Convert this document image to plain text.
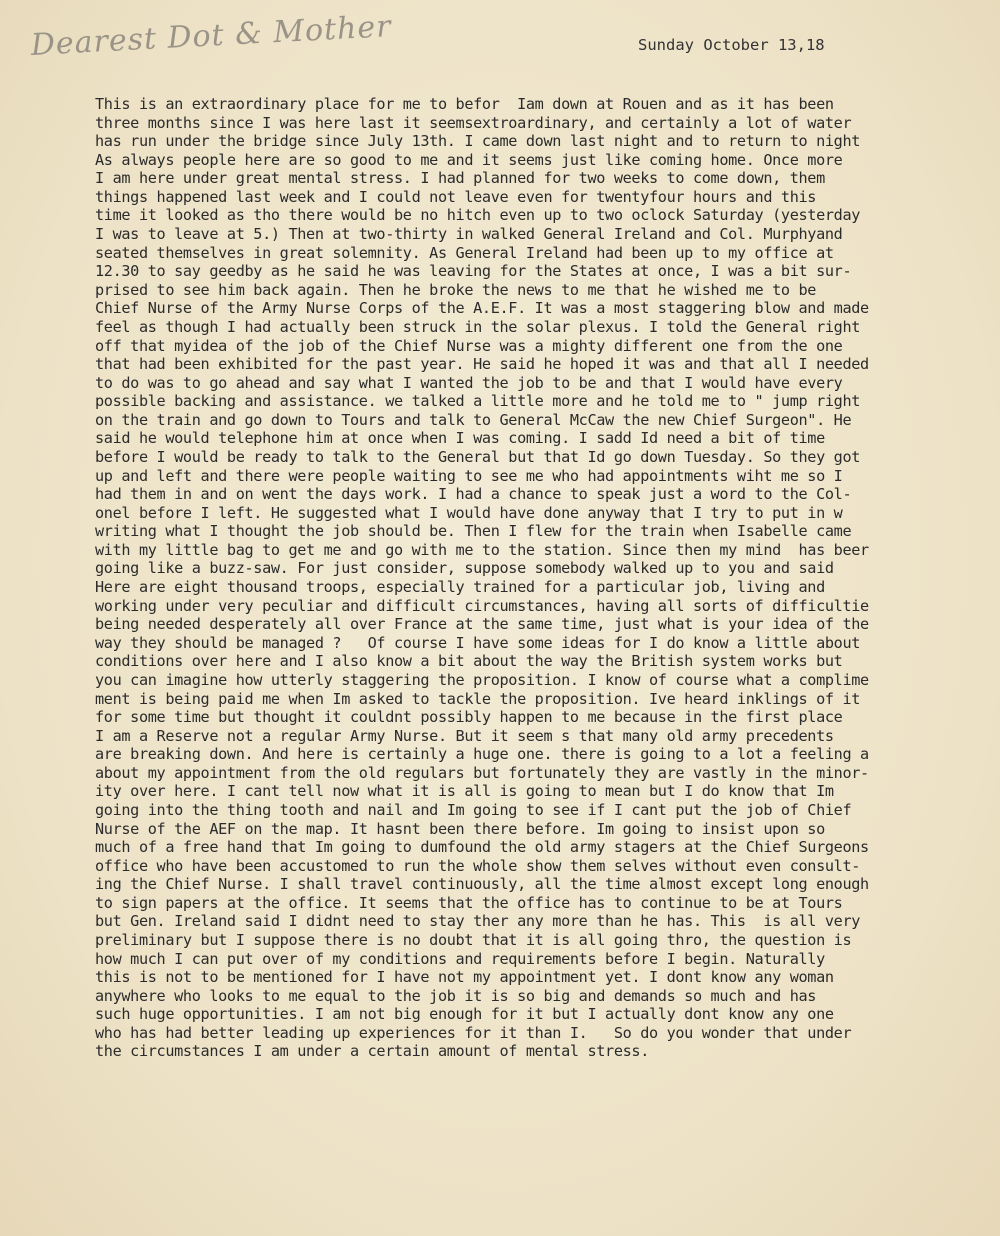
Dearest Dot & Mother	Sunday October 13,18
This is an extraordinary place for me to befor  Iam down at Rouen and as it has been
three months since I was here last it seemsextroardinary, and certainly a lot of water
has run under the bridge since July 13th. I came down last night and to return to night
As always people here are so good to me and it seems just like coming home. Once more
I am here under great mental stress. I had planned for two weeks to come down, them
things happened last week and I could not leave even for twentyfour hours and this
time it looked as tho there would be no hitch even up to two oclock Saturday (yesterday
I was to leave at 5.) Then at two-thirty in walked General Ireland and Col. Murphyand
seated themselves in great solemnity. As General Ireland had been up to my office at
12.30 to say geedby as he said he was leaving for the States at once, I was a bit sur-
prised to see him back again. Then he broke the news to me that he wished me to be
Chief Nurse of the Army Nurse Corps of the A.E.F. It was a most staggering blow and made
feel as though I had actually been struck in the solar plexus. I told the General right
off that myidea of the job of the Chief Nurse was a mighty different one from the one
that had been exhibited for the past year. He said he hoped it was and that all I needed
to do was to go ahead and say what I wanted the job to be and that I would have every
possible backing and assistance. we talked a little more and he told me to " jump right
on the train and go down to Tours and talk to General McCaw the new Chief Surgeon". He
said he would telephone him at once when I was coming. I sadd Id need a bit of time
before I would be ready to talk to the General but that Id go down Tuesday. So they got
up and left and there were people waiting to see me who had appointments wiht me so I
had them in and on went the days work. I had a chance to speak just a word to the Col-
onel before I left. He suggested what I would have done anyway that I try to put in w
writing what I thought the job should be. Then I flew for the train when Isabelle came
with my little bag to get me and go with me to the station. Since then my mind  has beer
going like a buzz-saw. For just consider, suppose somebody walked up to you and said
Here are eight thousand troops, especially trained for a particular job, living and
working under very peculiar and difficult circumstances, having all sorts of difficultie
being needed desperately all over France at the same time, just what is your idea of the
way they should be managed ?   Of course I have some ideas for I do know a little about
conditions over here and I also know a bit about the way the British system works but
you can imagine how utterly staggering the proposition. I know of course what a complime
ment is being paid me when Im asked to tackle the proposition. Ive heard inklings of it
for some time but thought it couldnt possibly happen to me because in the first place
I am a Reserve not a regular Army Nurse. But it seem s that many old army precedents
are breaking down. And here is certainly a huge one. there is going to a lot a feeling a
about my appointment from the old regulars but fortunately they are vastly in the minor-
ity over here. I cant tell now what it is all is going to mean but I do know that Im
going into the thing tooth and nail and Im going to see if I cant put the job of Chief
Nurse of the AEF on the map. It hasnt been there before. Im going to insist upon so
much of a free hand that Im going to dumfound the old army stagers at the Chief Surgeons
office who have been accustomed to run the whole show them selves without even consult-
ing the Chief Nurse. I shall travel continuously, all the time almost except long enough
to sign papers at the office. It seems that the office has to continue to be at Tours
but Gen. Ireland said I didnt need to stay ther any more than he has. This  is all very
preliminary but I suppose there is no doubt that it is all going thro, the question is
how much I can put over of my conditions and requirements before I begin. Naturally
this is not to be mentioned for I have not my appointment yet. I dont know any woman
anywhere who looks to me equal to the job it is so big and demands so much and has
such huge opportunities. I am not big enough for it but I actually dont know any one
who has had better leading up experiences for it than I.   So do you wonder that under
the circumstances I am under a certain amount of mental stress.
